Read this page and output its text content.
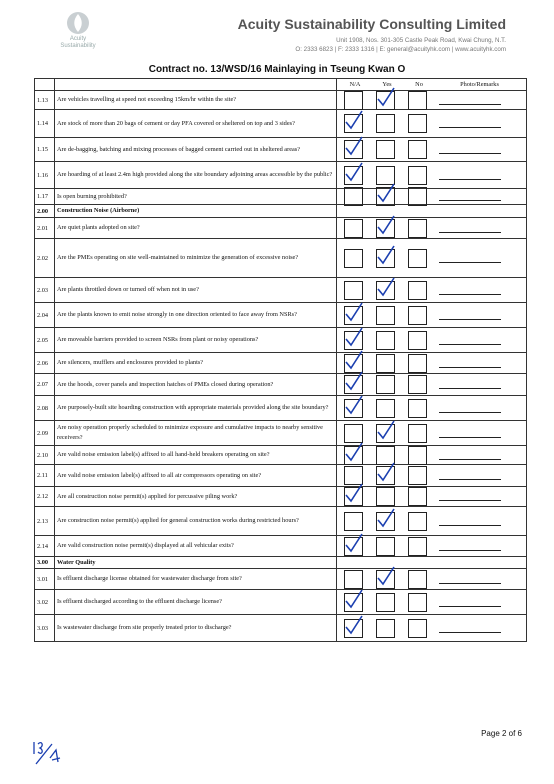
Acuity
Sustainability
Acuity Sustainability Consulting Limited
Unit 1908, Nos. 301-305 Castle Peak Road, Kwai Chung, N.T.
O: 2333 6823 | F: 2333 1316 | E: general@acuityhk.com | www.acuityhk.com
Contract no. 13/WSD/16 Mainlaying in Tseung Kwan O

N/A Yes No Photo/Remarks

1.13	Are vehicles travelling at speed not exceeding 15km/hr within the site?	

1.14	Are stock of more than 20 bags of cement or day PFA covered or sheltered on top and 3 sides?	

1.15	Are de-bagging, batching and mixing processes of bagged cement carried out in sheltered areas?	

1.16	Are hoarding of at least 2.4m high provided along the site boundary adjoining areas accessible by the public?	

1.17	Is open burning prohibited?	

2.00	Construction Noise (Airborne)	
2.01	Are quiet plants adopted on site?	

2.02	Are the PMEs operating on site well-maintained to minimize the generation of excessive noise?	

2.03	Are plants throttled down or turned off when not in use?	

2.04	Are the plants known to emit noise strongly in one direction oriented to face away from NSRs?	

2.05	Are moveable barriers provided to screen NSRs from plant or noisy operations?	

2.06	Are silencers, mufflers and enclosures provided to plants?	

2.07	Are the hoods, cover panels and inspection hatches of PMEs closed during operation?	

2.08	Are purposely-built site hoarding construction with appropriate materials provided along the site boundary?	

2.09	Are noisy operation properly scheduled to minimize exposure and cumulative impacts to nearby sensitive receivers?	

2.10	Are valid noise emission label(s) affixed to all hand-held breakers operating on site?	

2.11	Are valid noise emission label(s) affixed to all air compressors operating on site?	

2.12	Are all construction noise permit(s) applied for percussive piling work?	

2.13	Are construction noise permit(s) applied for general construction works during restricted hours?	

2.14	Are valid construction noise permit(s) displayed at all vehicular exits?	

3.00	Water Quality	
3.01	Is effluent discharge license obtained for wastewater discharge from site?	

3.02	Is effluent discharged according to the effluent discharge license?	

3.03	Is wastewater discharge from site properly treated prior to discharge?	
Page 2 of 6
